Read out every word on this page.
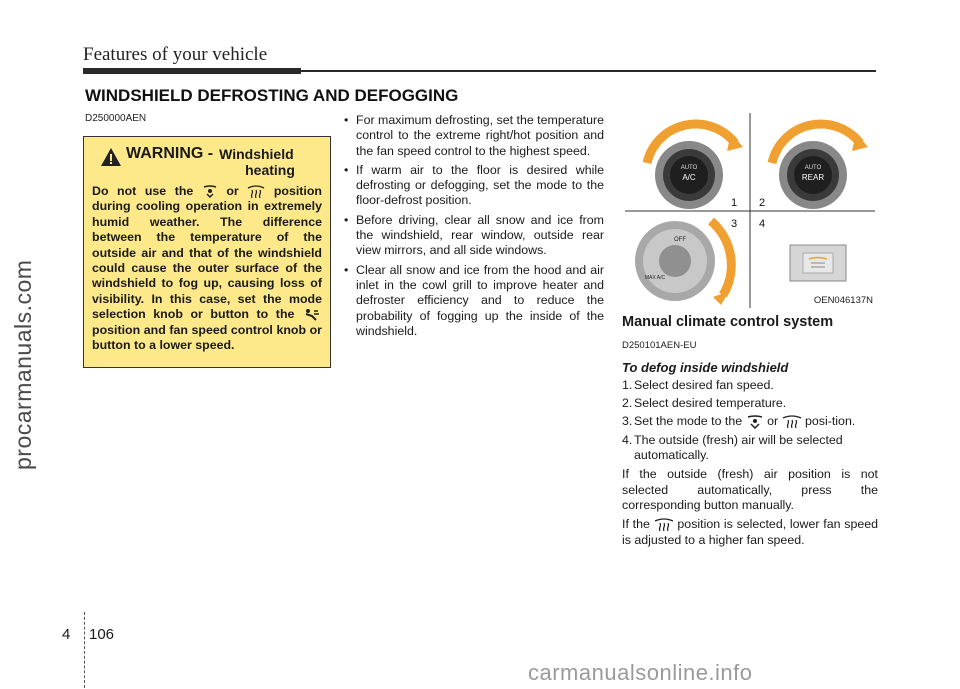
Features of your vehicle
WINDSHIELD DEFROSTING AND DEFOGGING
D250000AEN
WARNING - Windshield
heating
Do not use the	or	position during cooling operation in extremely humid weather. The difference between the temperature of the outside air and that of the windshield could cause the outer surface of the windshield to fog up, causing loss of visibility. In this case, set the mode selection knob or button to the  position and fan speed control knob or button to a lower speed.
• For maximum defrosting, set the temperature control to the extreme right/hot position and the fan speed control to the highest speed.
• If warm air to the floor is desired while defrosting or defogging, set the mode to the floor-defrost position.
• Before driving, clear all snow and ice from the windshield, rear window, outside rear view mirrors, and all side windows.
• Clear all snow and ice from the hood and air inlet in the cowl grill to improve heater and defroster efficiency and to reduce the probability of fogging up the inside of the windshield.
AUTO
A/C
AUTO
REAR
1 2
3 4
OFF
MAX A/C
OEN046137N
Manual climate control system
D250101AEN-EU
To defog inside windshield
1. Select desired fan speed.
2. Select desired temperature.
3. Set the mode to the or posi-tion.
4. The outside (fresh) air will be selected automatically.
If the outside (fresh) air position is not selected automatically, press the corresponding button manually.
If the position is selected, lower fan speed is adjusted to a higher fan speed.
procarmanuals.com
4 106
carmanualsonline.info
